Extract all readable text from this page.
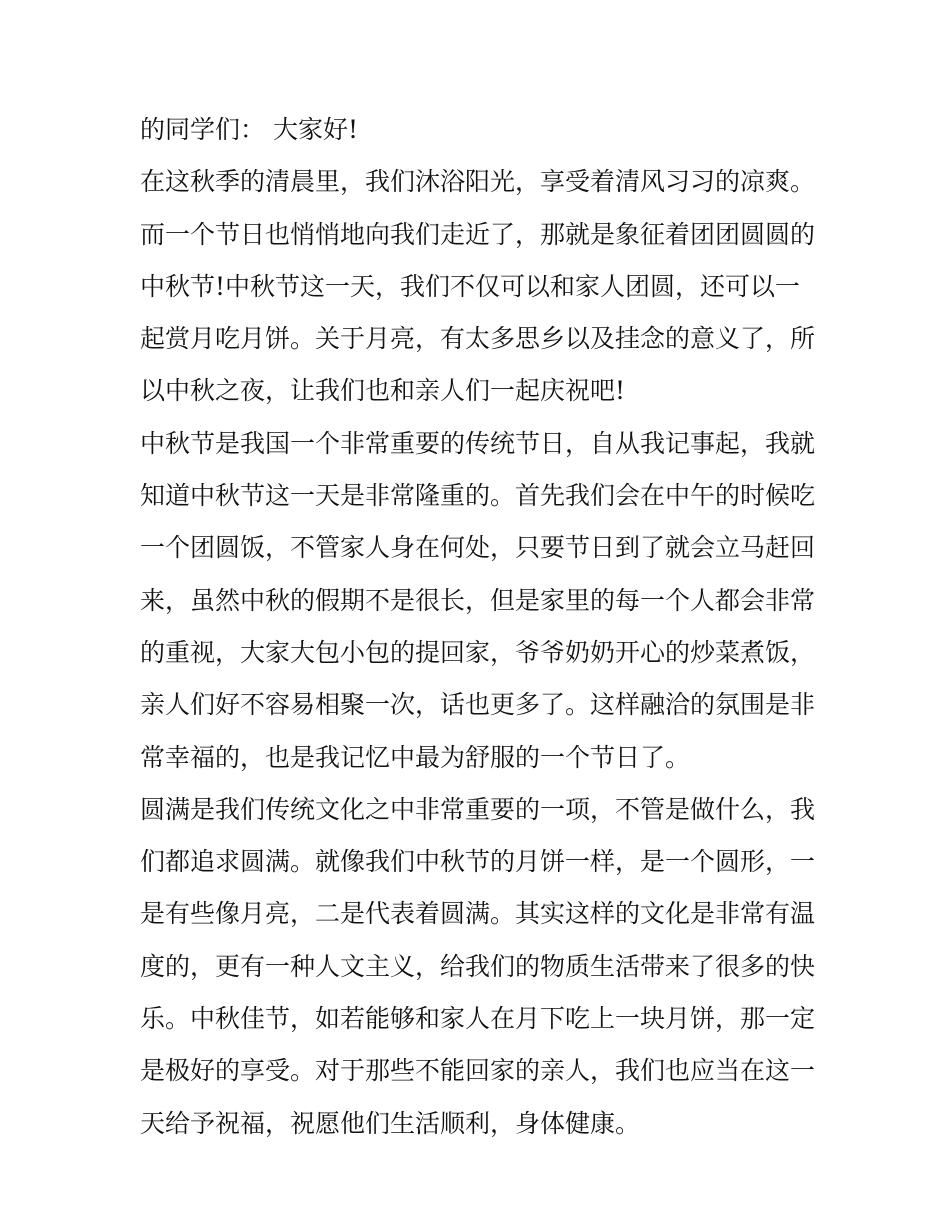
的同学们： 大家好!
在这秋季的清晨里，我们沐浴阳光，享受着清风习习的凉爽。
而一个节日也悄悄地向我们走近了，那就是象征着团团圆圆的
中秋节!中秋节这一天，我们不仅可以和家人团圆，还可以一
起赏月吃月饼。关于月亮，有太多思乡以及挂念的意义了，所
以中秋之夜，让我们也和亲人们一起庆祝吧!
中秋节是我国一个非常重要的传统节日，自从我记事起，我就
知道中秋节这一天是非常隆重的。首先我们会在中午的时候吃
一个团圆饭，不管家人身在何处，只要节日到了就会立马赶回
来，虽然中秋的假期不是很长，但是家里的每一个人都会非常
的重视，大家大包小包的提回家，爷爷奶奶开心的炒菜煮饭，
亲人们好不容易相聚一次，话也更多了。这样融洽的氛围是非
常幸福的，也是我记忆中最为舒服的一个节日了。
圆满是我们传统文化之中非常重要的一项，不管是做什么，我
们都追求圆满。就像我们中秋节的月饼一样，是一个圆形，一
是有些像月亮，二是代表着圆满。其实这样的文化是非常有温
度的，更有一种人文主义，给我们的物质生活带来了很多的快
乐。中秋佳节，如若能够和家人在月下吃上一块月饼，那一定
是极好的享受。对于那些不能回家的亲人，我们也应当在这一
天给予祝福，祝愿他们生活顺利，身体健康。
